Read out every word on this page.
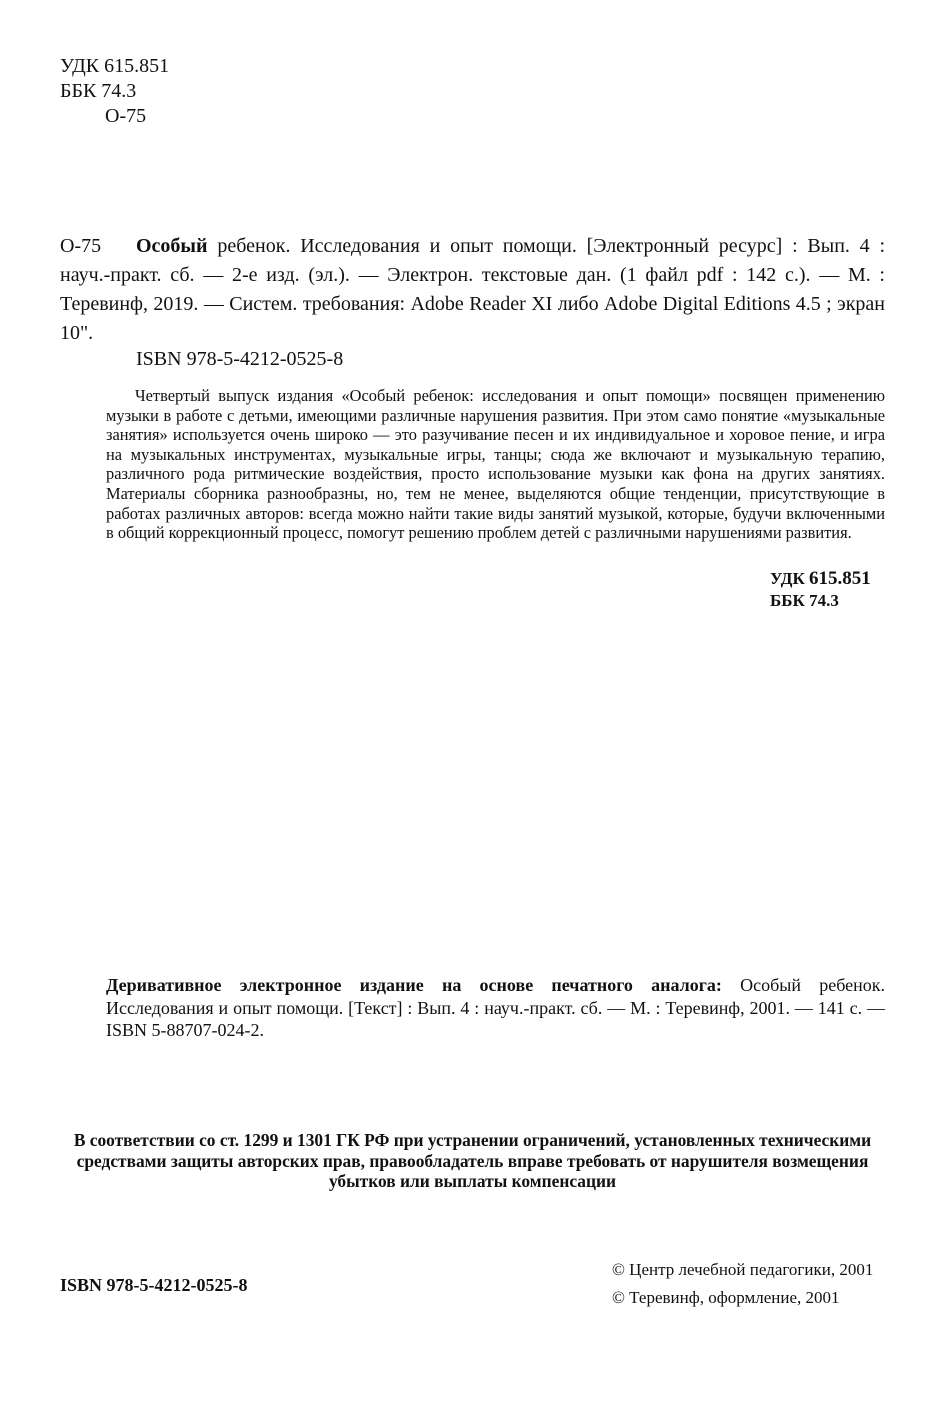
УДК 615.851
ББК 74.3
О-75
О-75 Особый ребенок. Исследования и опыт помощи. [Электронный ресурс] : Вып. 4 : науч.-практ. сб. — 2-е изд. (эл.). — Электрон. текстовые дан. (1 файл pdf : 142 с.). — М. : Теревинф, 2019. — Систем. требования: Adobe Reader XI либо Adobe Digital Editions 4.5 ; экран 10".
ISBN 978-5-4212-0525-8
Четвертый выпуск издания «Особый ребенок: исследования и опыт помощи» посвящен применению музыки в работе с детьми, имеющими различные нарушения развития. При этом само понятие «музыкальные занятия» используется очень широко — это разучивание песен и их индивидуальное и хоровое пение, и игра на музыкальных инструментах, музыкальные игры, танцы; сюда же включают и музыкальную терапию, различного рода ритмические воздействия, просто использование музыки как фона на других занятиях. Материалы сборника разнообразны, но, тем не менее, выделяются общие тенденции, присутствующие в работах различных авторов: всегда можно найти такие виды занятий музыкой, которые, будучи включенными в общий коррекционный процесс, помогут решению проблем детей с различными нарушениями развития.
УДК 615.851
ББК 74.3
Деривативное электронное издание на основе печатного аналога: Особый ребенок. Исследования и опыт помощи. [Текст] : Вып. 4 : науч.-практ. сб. — М. : Теревинф, 2001. — 141 с. — ISBN 5-88707-024-2.
В соответствии со ст. 1299 и 1301 ГК РФ при устранении ограничений, установленных техническими средствами защиты авторских прав, правообладатель вправе требовать от нарушителя возмещения убытков или выплаты компенсации
© Центр лечебной педагогики, 2001
© Теревинф, оформление, 2001
ISBN 978-5-4212-0525-8
